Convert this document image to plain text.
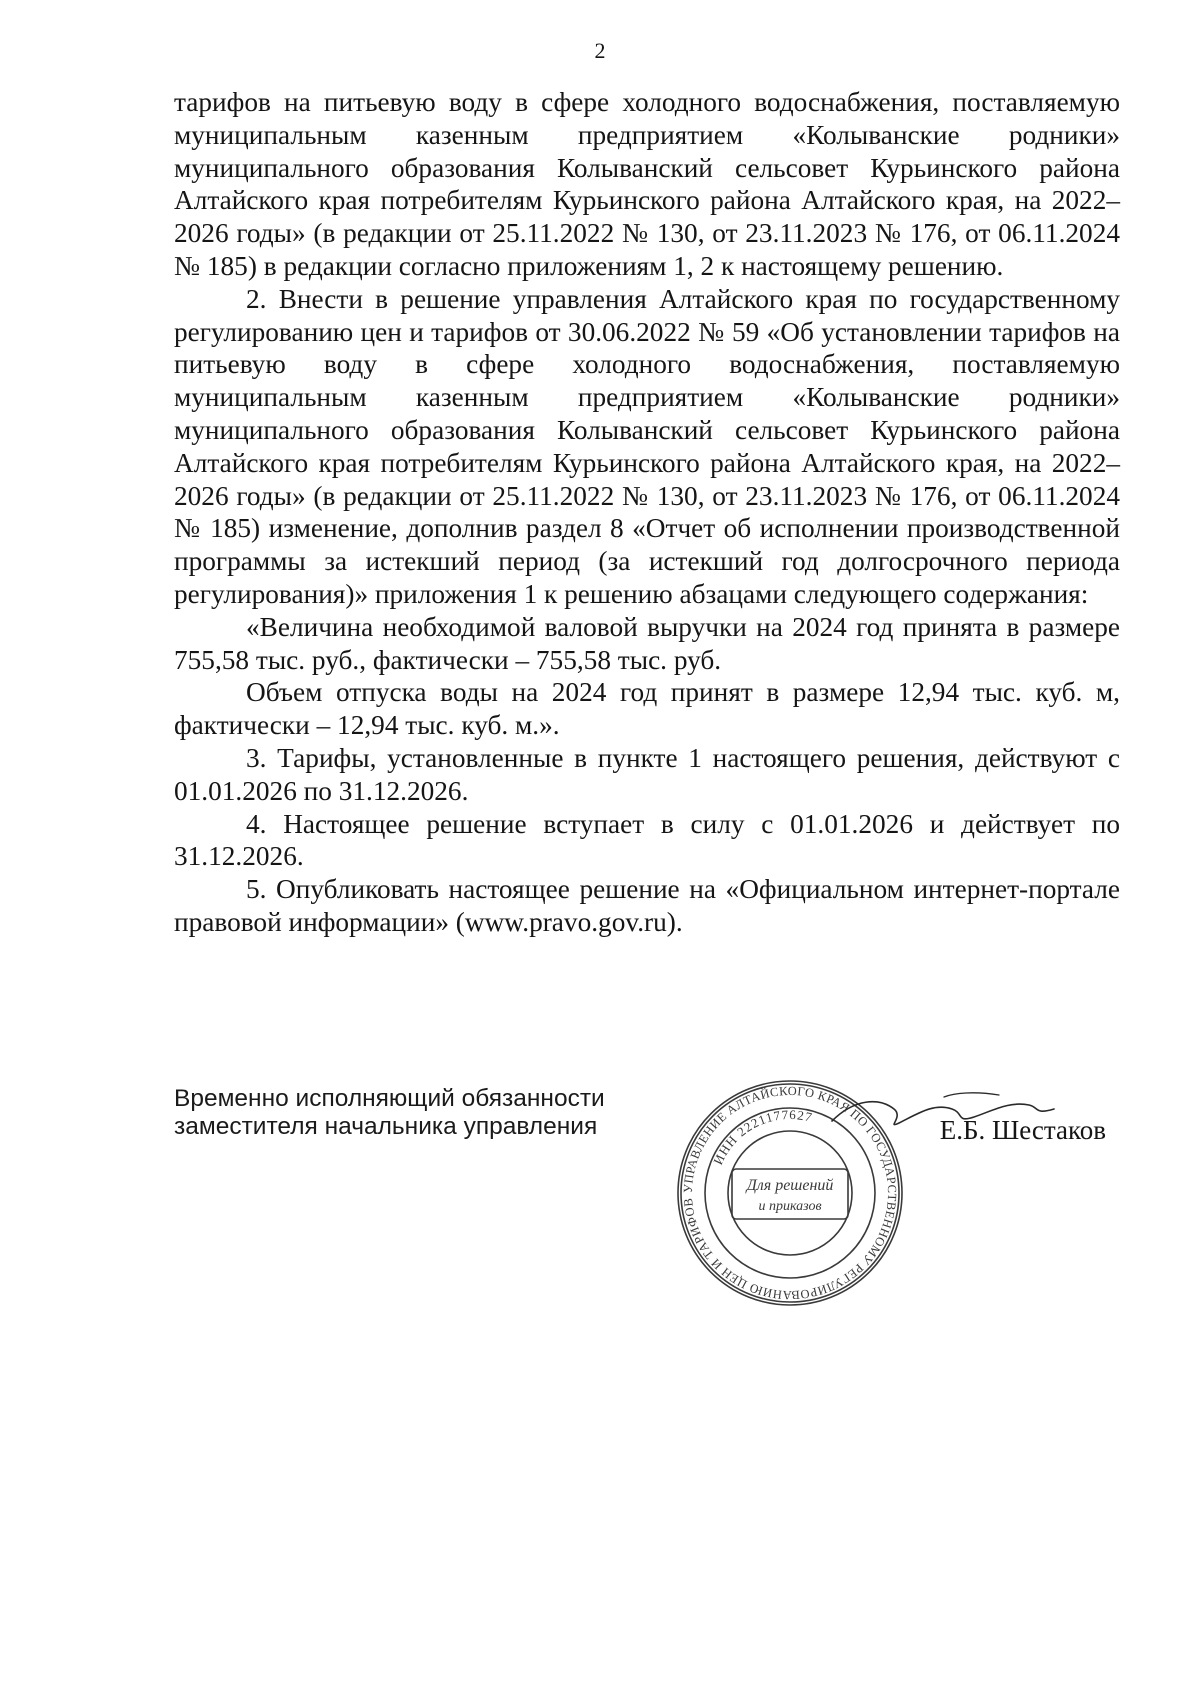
2

тарифов на питьевую воду в сфере холодного водоснабжения, поставляемую муниципальным казенным предприятием «Колыванские родники» муниципального образования Колыванский сельсовет Курьинского района Алтайского края потребителям Курьинского района Алтайского края, на 2022–2026 годы» (в редакции от 25.11.2022 № 130, от 23.11.2023 № 176, от 06.11.2024 № 185) в редакции согласно приложениям 1, 2 к настоящему решению.

2. Внести в решение управления Алтайского края по государственному регулированию цен и тарифов от 30.06.2022 № 59 «Об установлении тарифов на питьевую воду в сфере холодного водоснабжения, поставляемую муниципальным казенным предприятием «Колыванские родники» муниципального образования Колыванский сельсовет Курьинского района Алтайского края потребителям Курьинского района Алтайского края, на 2022–2026 годы» (в редакции от 25.11.2022 № 130, от 23.11.2023 № 176, от 06.11.2024 № 185) изменение, дополнив раздел 8 «Отчет об исполнении производственной программы за истекший период (за истекший год долгосрочного периода регулирования)» приложения 1 к решению абзацами следующего содержания:

«Величина необходимой валовой выручки на 2024 год принята в размере 755,58 тыс. руб., фактически – 755,58 тыс. руб.

Объем отпуска воды на 2024 год принят в размере 12,94 тыс. куб. м, фактически – 12,94 тыс. куб. м.».

3. Тарифы, установленные в пункте 1 настоящего решения, действуют с 01.01.2026 по 31.12.2026.

4. Настоящее решение вступает в силу с 01.01.2026 и действует по 31.12.2026.

5. Опубликовать настоящее решение на «Официальном интернет-портале правовой информации» (www.pravo.gov.ru).

Временно исполняющий обязанности
заместителя начальника управления
УПРАВЛЕНИЕ АЛТАЙСКОГО КРАЯ ПО ГОСУДАРСТВЕННОМУ РЕГУЛИРОВАНИЮ ЦЕН И ТАРИФОВ
ИНН 2221177627
Для решений
и приказов
Е.Б. Шестаков
